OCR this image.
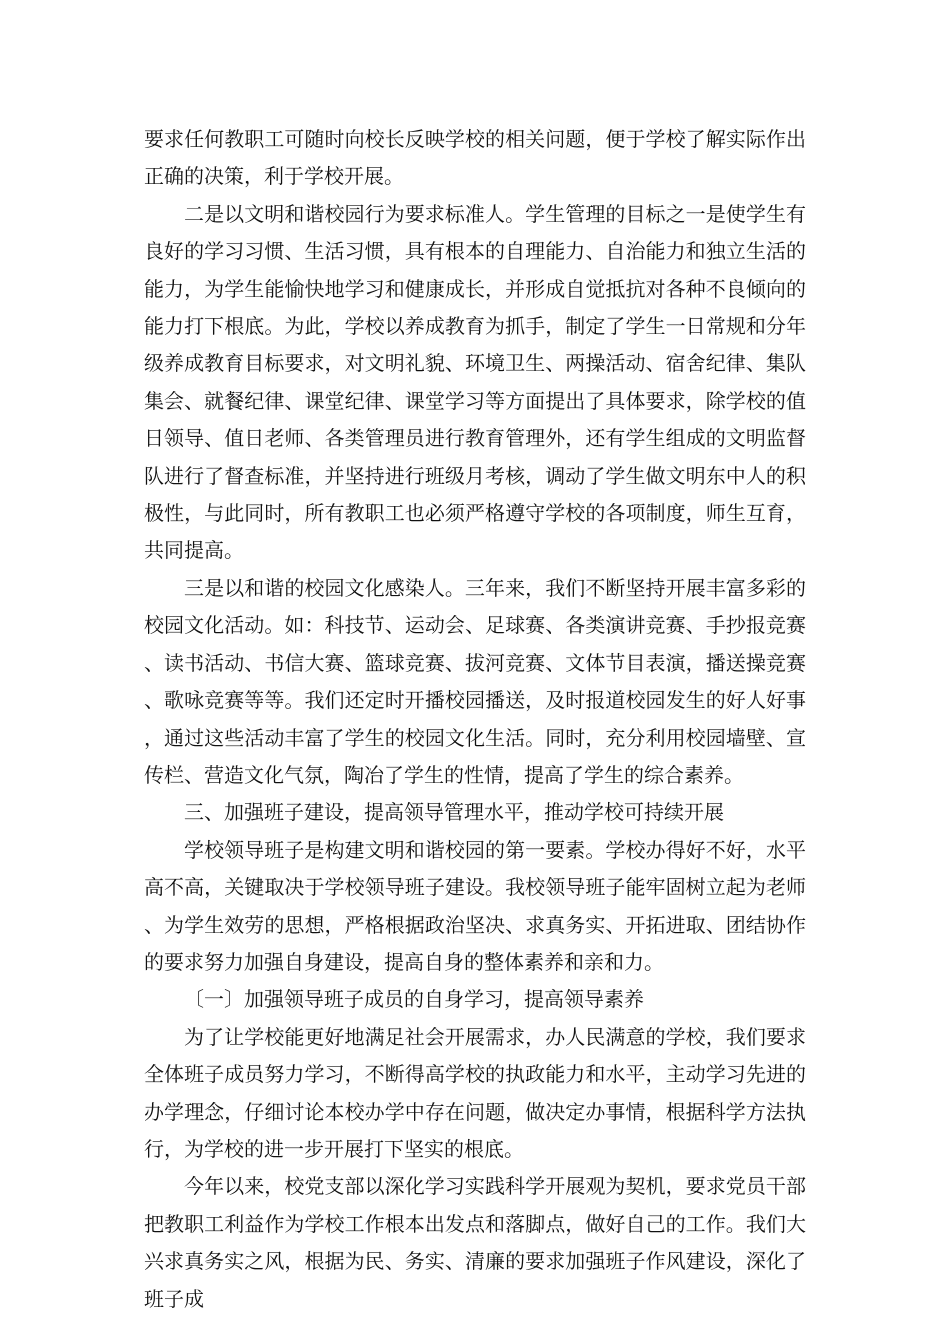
要求任何教职工可随时向校长反映学校的相关问题，便于学校了解实际作出正确的决策，利于学校开展。

二是以文明和谐校园行为要求标准人。学生管理的目标之一是使学生有良好的学习习惯、生活习惯，具有根本的自理能力、自治能力和独立生活的能力，为学生能愉快地学习和健康成长，并形成自觉抵抗对各种不良倾向的能力打下根底。为此，学校以养成教育为抓手，制定了学生一日常规和分年级养成教育目标要求，对文明礼貌、环境卫生、两操活动、宿舍纪律、集队集会、就餐纪律、课堂纪律、课堂学习等方面提出了具体要求，除学校的值日领导、值日老师、各类管理员进行教育管理外，还有学生组成的文明监督队进行了督查标准，并坚持进行班级月考核，调动了学生做文明东中人的积极性，与此同时，所有教职工也必须严格遵守学校的各项制度，师生互育，共同提高。

三是以和谐的校园文化感染人。三年来，我们不断坚持开展丰富多彩的校园文化活动。如：科技节、运动会、足球赛、各类演讲竞赛、手抄报竞赛、读书活动、书信大赛、篮球竞赛、拔河竞赛、文体节目表演，播送操竞赛、歌咏竞赛等等。我们还定时开播校园播送，及时报道校园发生的好人好事，通过这些活动丰富了学生的校园文化生活。同时，充分利用校园墙壁、宣传栏、营造文化气氛，陶冶了学生的性情，提高了学生的综合素养。

三、加强班子建设，提高领导管理水平，推动学校可持续开展

学校领导班子是构建文明和谐校园的第一要素。学校办得好不好，水平高不高，关键取决于学校领导班子建设。我校领导班子能牢固树立起为老师、为学生效劳的思想，严格根据政治坚决、求真务实、开拓进取、团结协作的要求努力加强自身建设，提高自身的整体素养和亲和力。

〔一〕加强领导班子成员的自身学习，提高领导素养

为了让学校能更好地满足社会开展需求，办人民满意的学校，我们要求全体班子成员努力学习，不断得高学校的执政能力和水平，主动学习先进的办学理念，仔细讨论本校办学中存在问题，做决定办事情，根据科学方法执行，为学校的进一步开展打下坚实的根底。

今年以来，校党支部以深化学习实践科学开展观为契机，要求党员干部把教职工利益作为学校工作根本出发点和落脚点，做好自己的工作。我们大兴求真务实之风，根据为民、务实、清廉的要求加强班子作风建设，深化了班子成
